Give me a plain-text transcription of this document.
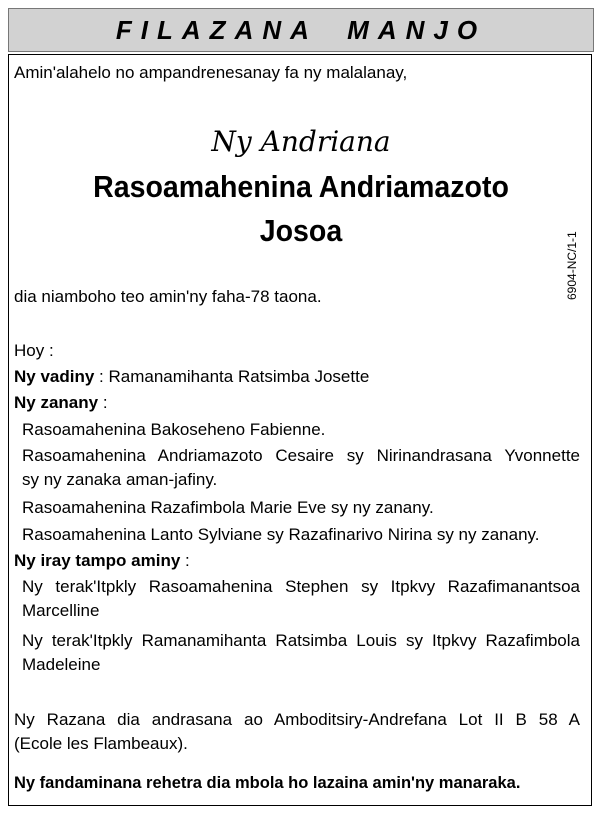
FILAZANA MANJO
Amin'alahelo no ampandrenesanay fa ny malalanay,
Ny Andriana
Rasoamahenina Andriamazoto
Josoa
dia niamboho teo amin'ny faha-78 taona.
Hoy :
Ny vadiny : Ramanamihanta Ratsimba Josette
Ny zanany :
Rasoamahenina Bakoseheno Fabienne.
Rasoamahenina Andriamazoto Cesaire sy Nirinandrasana Yvonnette
sy ny zanaka aman-jafiny.
Rasoamahenina Razafimbola Marie Eve sy ny zanany.
Rasoamahenina Lanto Sylviane sy Razafinarivo Nirina sy ny zanany.
Ny iray tampo aminy :
Ny terak'Itpkly Rasoamahenina Stephen sy Itpkvy Razafimanantsoa
Marcelline
Ny terak'Itpkly Ramanamihanta Ratsimba Louis sy Itpkvy Razafimbola
Madeleine
Ny Razana dia andrasana ao Amboditsiry-Andrefana Lot II B 58 A
(Ecole les Flambeaux).
Ny fandaminana rehetra dia mbola ho lazaina amin'ny manaraka.
6904-NC/1-1
